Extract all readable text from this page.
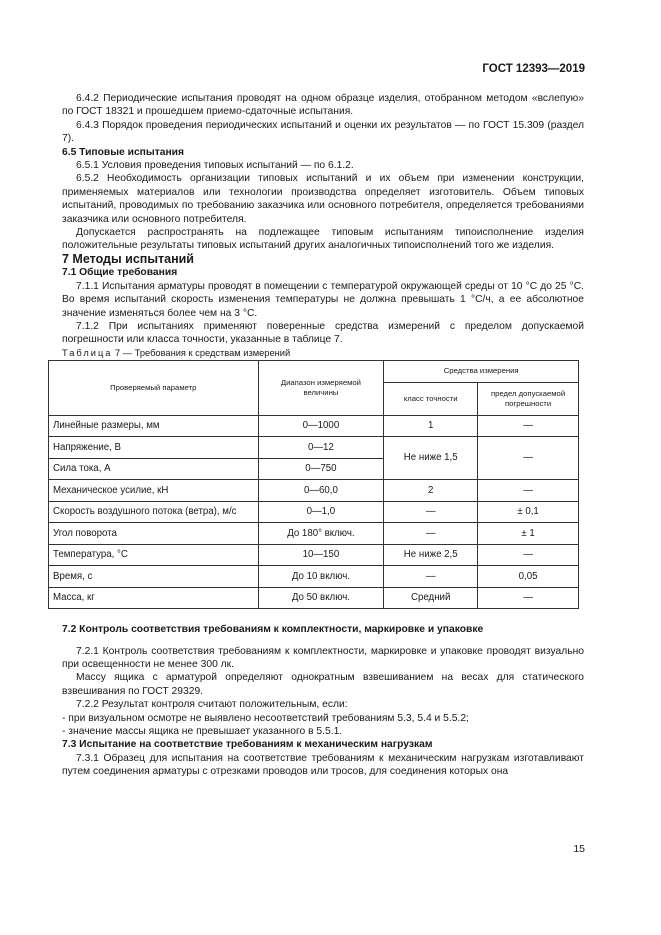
ГОСТ 12393—2019

6.4.2 Периодические испытания проводят на одном образце изделия, отобранном методом «вслепую» по ГОСТ 18321 и прошедшем приемо-сдаточные испытания.

6.4.3 Порядок проведения периодических испытаний и оценки их результатов — по ГОСТ 15.309 (раздел 7).

6.5 Типовые испытания

6.5.1 Условия проведения типовых испытаний — по 6.1.2.

6.5.2 Необходимость организации типовых испытаний и их объем при изменении конструкции, применяемых материалов или технологии производства определяет изготовитель. Объем типовых испытаний, проводимых по требованию заказчика или основного потребителя, определяется требованиями заказчика или основного потребителя.

Допускается распространять на подлежащее типовым испытаниям типоисполнение изделия положительные результаты типовых испытаний других аналогичных типоисполнений того же изделия.

7 Методы испытаний

7.1 Общие требования

7.1.1 Испытания арматуры проводят в помещении с температурой окружающей среды от 10 °С до 25 °С. Во время испытаний скорость изменения температуры не должна превышать 1 °С/ч, а ее абсолютное значение изменяться более чем на 3 °С.

7.1.2 При испытаниях применяют поверенные средства измерений с пределом допускаемой погрешности или класса точности, указанные в таблице 7.

Таблица 7 — Требования к средствам измерений

Проверяемый параметр	Диапазон измеряемой величины	Средства измерения	
		класс точности	предел допускаемой погрешности
Линейные размеры, мм	0—1000	1	—
Напряжение, В	0—12	Не ниже 1,5	—
Сила тока, А	0—750		
Механическое усилие, кН	0—60,0	2	—
Скорость воздушного потока (ветра), м/с	0—1,0	—	± 0,1
Угол поворота	До 180° включ.	—	± 1
Температура, °С	10—150	Не ниже 2,5	—
Время, с	До 10 включ.	—	0,05
Масса, кг	До 50 включ.	Средний	—

7.2 Контроль соответствия требованиям к комплектности, маркировке и упаковке

7.2.1 Контроль соответствия требованиям к комплектности, маркировке и упаковке проводят визуально при освещенности не менее 300 лк.

Массу ящика с арматурой определяют однократным взвешиванием на весах для статического взвешивания по ГОСТ 29329.

7.2.2 Результат контроля считают положительным, если:

- при визуальном осмотре не выявлено несоответствий требованиям 5.3, 5.4 и 5.5.2;

- значение массы ящика не превышает указанного в 5.5.1.

7.3 Испытание на соответствие требованиям к механическим нагрузкам

7.3.1 Образец для испытания на соответствие требованиям к механическим нагрузкам изготавливают путем соединения арматуры с отрезками проводов или тросов, для соединения которых она

15
